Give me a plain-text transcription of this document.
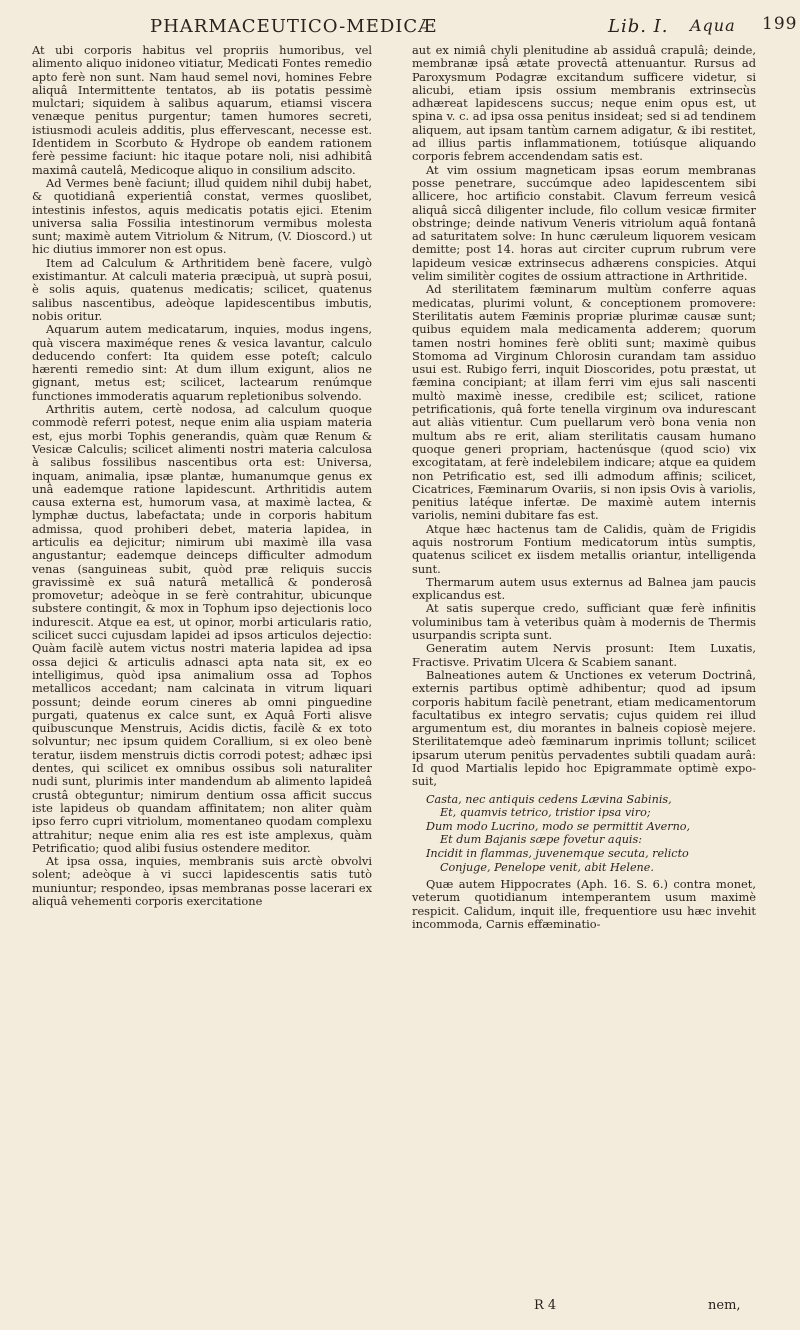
PHARMACEUTICO-MEDICÆ	Lib. I. Aqua 199

At ubi corporis habitus vel propriis humoribus, vel alimento aliquo inidoneo vitiatur, Medicati Fontes remedio apto ferè non sunt. Nam haud semel novi, homines Febre aliquâ Intermittente tentatos, ab iis potatis pessimè mulctari; siquidem à salibus aquarum, etiamsi viscera venæque penitus purgentur; tamen humores secreti, istiusmodi aculeis additis, plus effervescant, necesse est. Identidem in Scorbuto & Hydrope ob eandem rationem ferè pessime faciunt: hic itaque potare noli, nisi adhibitâ maximâ cautelâ, Medicoque aliquo in consilium adscito.

Ad Vermes benè faciunt; illud quidem nihil dubij habet, & quotidianâ experientiâ constat, vermes quoslibet, intestinis infestos, aquis medicatis potatis ejici. Etenim universa salia Fossilia intestinorum vermibus molesta sunt; maximè autem Vitriolum & Nitrum, (V. Dioscord.) ut hic diutius immorer non est opus.

Item ad Calculum & Arthritidem benè facere, vulgò existimantur. At calculi materia præcipuà, ut suprà posui, è solis aquis, quatenus medicatis; scilicet, quatenus salibus nascentibus, adeòque lapidescentibus imbutis, nobis oritur.

Aquarum autem medicatarum, inquies, modus ingens, quà viscera maximéque renes & vesica lavantur, calculo deducendo confert: Ita quidem esse poteſt; calculo hærenti remedio sint: At dum illum exigunt, alios ne gignant, metus est; scilicet, lactearum renúmque functiones immoderatis aquarum repletionibus solvendo.

Arthritis autem, certè nodosa, ad calculum quoque commodè referri potest, neque enim alia uspiam materia est, ejus morbi Tophis generandis, quàm quæ Renum & Vesicæ Calculis; scilicet alimenti nostri materia calculosa à salibus fossilibus nascentibus orta est: Universa, inquam, animalia, ipsæ plantæ, humanumque genus ex unâ eademque ratione lapidescunt. Arthritidis autem causa externa est, humorum vasa, at maximè lactea, & lymphæ ductus, labefactata; unde in corporis habitum admissa, quod prohiberi debet, materia lapidea, in articulis ea dejicitur; nimirum ubi maximè illa vasa angustantur; eademque deinceps difficulter admodum venas (sanguineas subit, quòd præ reliquis succis gravissimè ex suâ naturâ metallicâ & ponderosâ promovetur; adeòque in se ferè contrahitur, ubicunque substere contingit, & mox in Tophum ipso dejectionis loco indurescit. Atque ea est, ut opinor, morbi articularis ratio, scilicet succi cujusdam lapidei ad ipsos articulos dejectio: Quàm facilè autem victus nostri materia lapidea ad ipsa ossa dejici & articulis adnasci apta nata sit, ex eo intelligimus, quòd ipsa animalium ossa ad Tophos metallicos accedant; nam calcinata in vitrum liquari possunt; deinde eorum cineres ab omni pinguedine purgati, quatenus ex calce sunt, ex Aquâ Forti alisve quibuscunque Menstruis, Acidis dictis, facilè & ex toto solvuntur; nec ipsum quidem Corallium, si ex oleo benè teratur, iisdem menstruis dictis corrodi potest; adhæc ipsi dentes, qui scilicet ex omnibus ossibus soli naturaliter nudi sunt, plurimis inter mandendum ab alimento lapideâ crustâ obteguntur; nimirum dentium ossa afficit succus iste lapideus ob quandam affinitatem; non aliter quàm ipso ferro cupri vitriolum, momentaneo quodam complexu attrahitur; neque enim alia res est iste amplexus, quàm Petrificatio; quod alibi fusius ostendere meditor.

At ipsa ossa, inquies, membranis suis arctè obvolvi solent; adeòque à vi succi lapidescentis satis tutò muniuntur; respondeo, ipsas membranas posse lacerari ex aliquâ vehementi corporis exercitatione

aut ex nimiâ chyli plenitudine ab assiduâ crapulâ; deinde, membranæ ipsâ ætate provectâ attenuantur. Rursus ad Paroxysmum Podagræ excitandum sufficere videtur, si alicubi, etiam ipsis ossium membranis extrinsecùs adhæreat lapidescens succus; neque enim opus est, ut spina v. c. ad ipsa ossa penitus insideat; sed si ad tendinem aliquem, aut ipsam tantùm carnem adigatur, & ibi restitet, ad illius partis inflammationem, totiúsque aliquando corporis febrem accendendam satis est.

At vim ossium magneticam ipsas eorum membranas posse penetrare, succúmque adeo lapidescentem sibi allicere, hoc artificio constabit. Clavum ferreum vesicâ aliquâ siccâ diligenter include, filo collum vesicæ firmiter obstringe; deinde nativum Veneris vitriolum aquâ fontanâ ad saturitatem solve: In hunc cæruleum liquorem vesicam demitte; post 14. horas aut circiter cuprum rubrum vere lapideum vesicæ extrinsecus adhærens conspicies. Atqui velim similitèr cogites de ossium attractione in Arthritide.

Ad sterilitatem fæminarum multùm conferre aquas medicatas, plurimi volunt, & conceptionem promovere: Sterilitatis autem Fæminis propriæ plurimæ causæ sunt; quibus equidem mala medicamenta adderem; quorum tamen nostri homines ferè obliti sunt; maximè quibus Stomoma ad Virginum Chlorosin curandam tam assiduo usui est. Rubigo ferri, inquit Dioscorides, potu præstat, ut fæmina concipiant; at illam ferri vim ejus sali nascenti multò maximè inesse, credibile est; scilicet, ratione petrificationis, quâ forte tenella virginum ova indurescant aut aliàs vitientur. Cum puellarum verò bona venia non multum abs re erit, aliam sterilitatis causam humano quoque generi propriam, hactenúsque (quod scio) vix excogitatam, at ferè indelebilem indicare; atque ea quidem non Petrificatio est, sed illi admodum affinis; scilicet, Cicatrices, Fæminarum Ovariis, si non ipsis Ovis à variolis, penitius latéque infertæ. De maximè autem internis variolis, nemini dubitare fas est.

Atque hæc hactenus tam de Calidis, quàm de Frigidis aquis nostrorum Fontium medicatorum intùs sumptis, quatenus scilicet ex iisdem metallis oriantur, intelligenda sunt.

Thermarum autem usus externus ad Balnea jam paucis explicandus est.

At satis superque credo, sufficiant quæ ferè infinitis voluminibus tam à veteribus quàm à modernis de Thermis usurpandis scripta sunt.

Generatim autem Nervis prosunt: Item Luxatis, Fractisve. Privatim Ulcera & Scabiem sanant.

Balneationes autem & Unctiones ex veterum Doctrinâ, externis partibus optimè adhibentur; quod ad ipsum corporis habitum facilè penetrant, etiam medicamentorum facultatibus ex integro servatis; cujus quidem rei illud argumentum est, diu morantes in balneis copiosè mejere. Sterilitatemque adeò fæminarum inprimis tollunt; scilicet ipsarum uterum penitùs pervadentes subtili quadam aurâ: Id quod Martialis lepido hoc Epigrammate optimè expo- suit,

Casta, nec antiquis cedens Lævina Sabinis,
Et, quamvis tetrico, tristior ipsa viro;
Dum modo Lucrino, modo se permittit Averno,
Et dum Bajanis sæpe fovetur aquis:
Incidit in flammas, juvenemque secuta, relicto
Conjuge, Penelope venit, abit Helene.

Quæ autem Hippocrates (Aph. 16. S. 6.) contra monet, veterum quotidianum intemperantem usum maximè respicit. Calidum, inquit ille, frequentiore usu hæc invehit incommoda, Carnis effæminatio-

R 4	nem,
